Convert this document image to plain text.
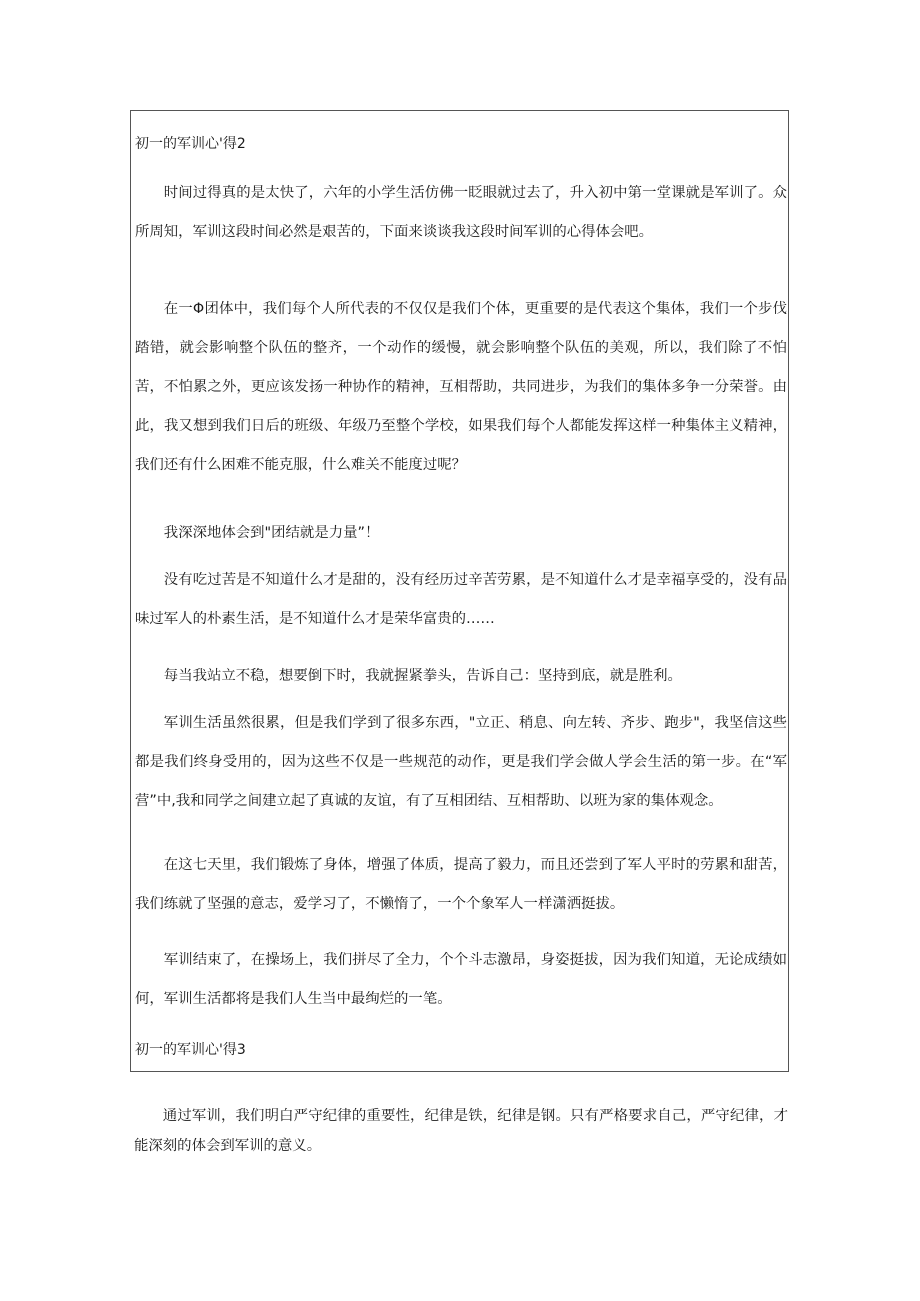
初一的军训心'得2

时间过得真的是太快了，六年的小学生活仿佛一眨眼就过去了，升入初中第一堂课就是军训了。众所周知，军训这段时间必然是艰苦的，下面来谈谈我这段时间军训的心得体会吧。

在一Φ团体中，我们每个人所代表的不仅仅是我们个体，更重要的是代表这个集体，我们一个步伐踏错，就会影响整个队伍的整齐，一个动作的缓慢，就会影响整个队伍的美观，所以，我们除了不怕苦，不怕累之外，更应该发扬一种协作的精神，互相帮助，共同进步，为我们的集体多争一分荣誉。由此，我又想到我们日后的班级、年级乃至整个学校，如果我们每个人都能发挥这样一种集体主义精神，我们还有什么困难不能克服，什么难关不能度过呢？

我深深地体会到"团结就是力量”！

没有吃过苦是不知道什么才是甜的，没有经历过辛苦劳累，是不知道什么才是幸福享受的，没有品味过军人的朴素生活，是不知道什么才是荣华富贵的……

每当我站立不稳，想要倒下时，我就握紧拳头，告诉自己：坚持到底，就是胜利。

军训生活虽然很累，但是我们学到了很多东西，"立正、稍息、向左转、齐步、跑步"，我坚信这些都是我们终身受用的，因为这些不仅是一些规范的动作，更是我们学会做人学会生活的第一步。在“军营”中,我和同学之间建立起了真诚的友谊，有了互相团结、互相帮助、以班为家的集体观念。

在这七天里，我们锻炼了身体，增强了体质，提高了毅力，而且还尝到了军人平时的劳累和甜苦，我们练就了坚强的意志，爱学习了，不懒惰了，一个个象军人一样潇洒挺拔。

军训结束了，在操场上，我们拼尽了全力，个个斗志激昂，身姿挺拔，因为我们知道，无论成绩如何，军训生活都将是我们人生当中最绚烂的一笔。

初一的军训心'得3

通过军训，我们明白严守纪律的重要性，纪律是铁，纪律是钢。只有严格要求自己，严守纪律，才能深刻的体会到军训的意义。
